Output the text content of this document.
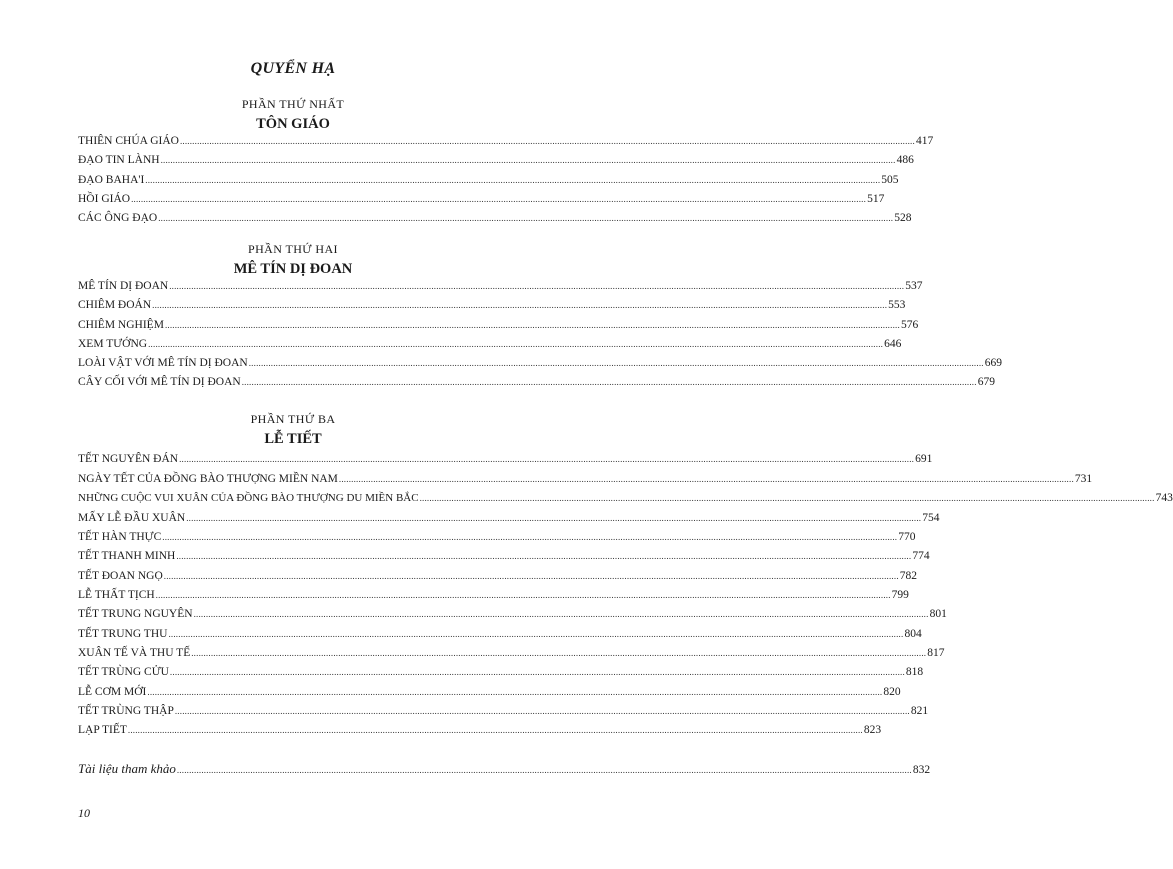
QUYỂN HẠ
PHẦN THỨ NHẤT
TÔN GIÁO
THIÊN CHÚA GIÁO ............................................................................................................................................................................................................................................................................................................ 417
ĐẠO TIN LÀNH ............................................................................................................................................................................................................................................................................................................ 486
ĐẠO BAHA'I ............................................................................................................................................................................................................................................................................................................ 505
HỒI GIÁO ............................................................................................................................................................................................................................................................................................................ 517
CÁC ÔNG ĐẠO ............................................................................................................................................................................................................................................................................................................ 528
PHẦN THỨ HAI
MÊ TÍN DỊ ĐOAN
MÊ TÍN DỊ ĐOAN ............................................................................................................................................................................................................................................................................................................ 537
CHIÊM ĐOÁN ............................................................................................................................................................................................................................................................................................................ 553
CHIÊM NGHIỆM ............................................................................................................................................................................................................................................................................................................ 576
XEM TƯỚNG ............................................................................................................................................................................................................................................................................................................ 646
LOÀI VẬT VỚI MÊ TÍN DỊ ĐOAN ............................................................................................................................................................................................................................................................................................................ 669
CÂY CỐI VỚI MÊ TÍN DỊ ĐOAN ............................................................................................................................................................................................................................................................................................................ 679
PHẦN THỨ BA
LỄ TIẾT
TẾT NGUYÊN ĐÁN ............................................................................................................................................................................................................................................................................................................ 691
NGÀY TẾT CỦA ĐỒNG BÀO THƯỢNG MIỀN NAM ............................................................................................................................................................................................................................................................................................................ 731
NHỮNG CUỘC VUI XUÂN CỦA ĐỒNG BÀO THƯỢNG DU MIỀN BẮC ............................................................................................................................................................................................................................................................................................................ 743
MẤY LỄ ĐẦU XUÂN ............................................................................................................................................................................................................................................................................................................ 754
TẾT HÀN THỰC ............................................................................................................................................................................................................................................................................................................ 770
TẾT THANH MINH ............................................................................................................................................................................................................................................................................................................ 774
TẾT ĐOAN NGỌ ............................................................................................................................................................................................................................................................................................................ 782
LỄ THẤT TỊCH ............................................................................................................................................................................................................................................................................................................ 799
TẾT TRUNG NGUYÊN ............................................................................................................................................................................................................................................................................................................ 801
TẾT TRUNG THU ............................................................................................................................................................................................................................................................................................................ 804
XUÂN TẾ VÀ THU TẾ ............................................................................................................................................................................................................................................................................................................ 817
TẾT TRÙNG CỬU ............................................................................................................................................................................................................................................................................................................ 818
LỄ CƠM MỚI ............................................................................................................................................................................................................................................................................................................ 820
TẾT TRÙNG THẬP ............................................................................................................................................................................................................................................................................................................ 821
LẠP TIẾT ............................................................................................................................................................................................................................................................................................................ 823
Tài liệu tham khảo ............................................................................................................................................................................................................................................................................................................ 832
10
